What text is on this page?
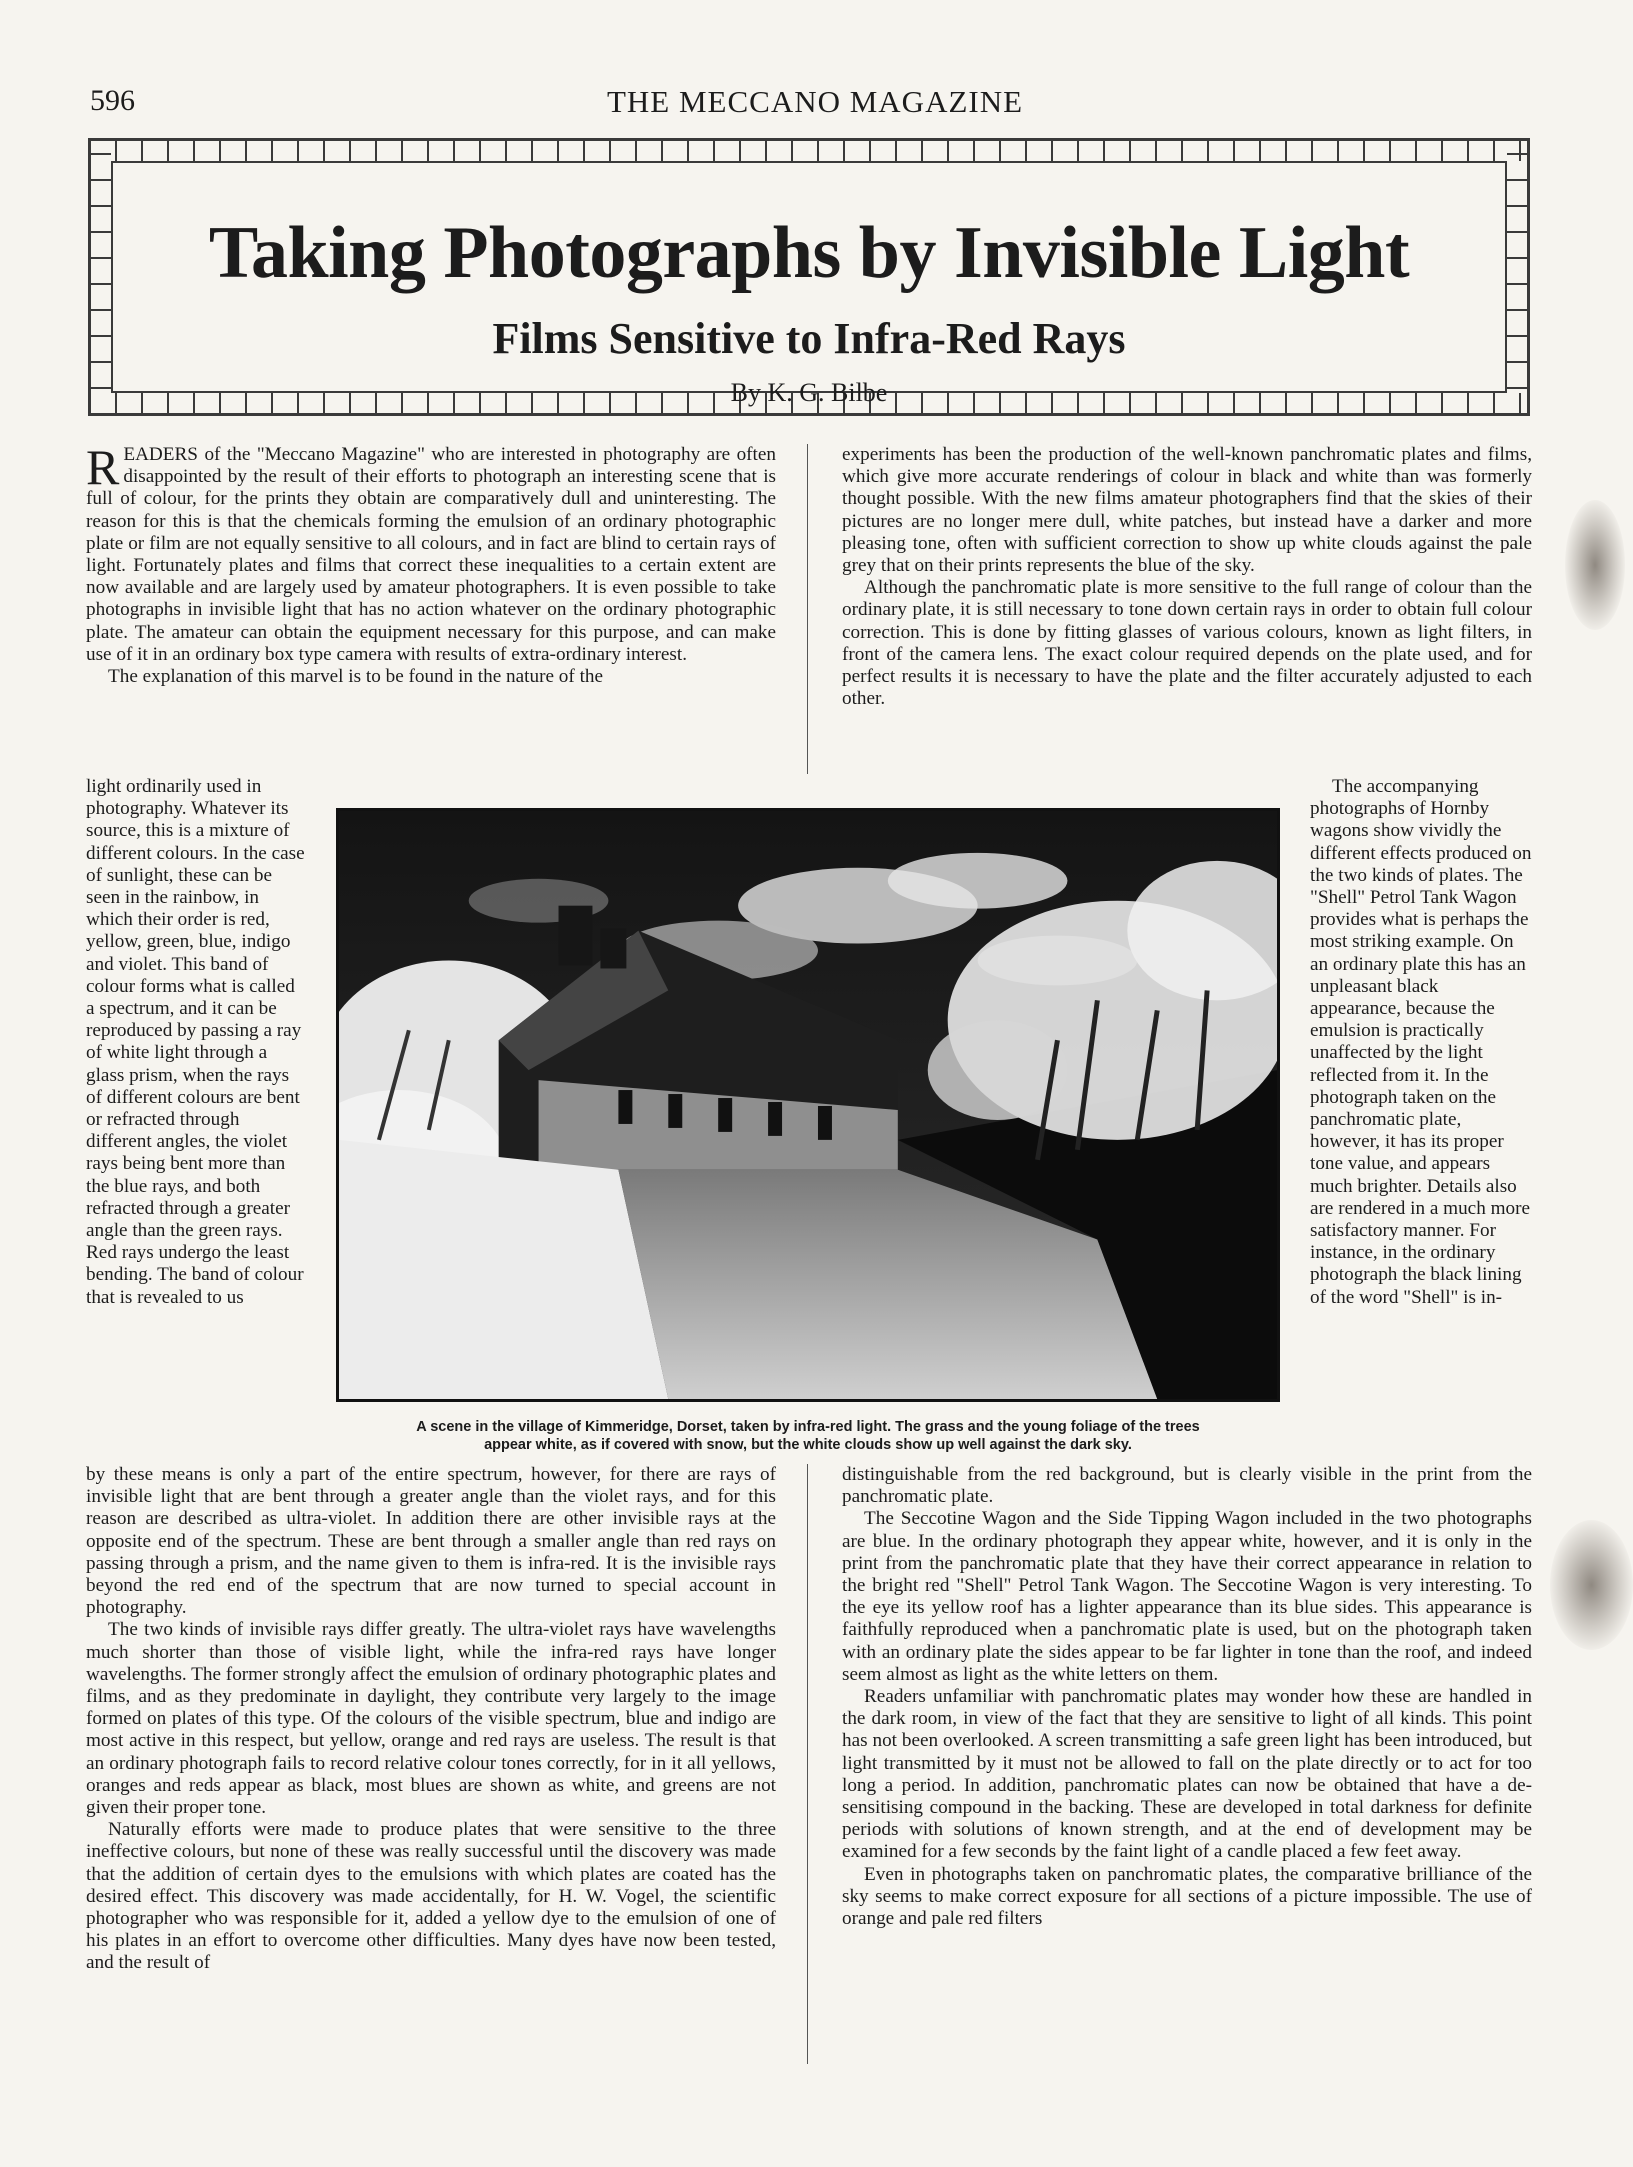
596	THE MECCANO MAGAZINE
Taking Photographs by Invisible Light
Films Sensitive to Infra-Red Rays
By K. G. Bilbe

READERS of the "Meccano Magazine" who are interested in photography are often disappointed by the result of their efforts to photograph an interesting scene that is full of colour, for the prints they obtain are comparatively dull and uninteresting. The reason for this is that the chemicals forming the emulsion of an ordinary photographic plate or film are not equally sensitive to all colours, and in fact are blind to certain rays of light. Fortunately plates and films that correct these inequalities to a certain extent are now available and are largely used by amateur photographers. It is even possible to take photographs in invisible light that has no action whatever on the ordinary photographic plate. The amateur can obtain the equipment necessary for this purpose, and can make use of it in an ordinary box type camera with results of extra-ordinary interest.

The explanation of this marvel is to be found in the nature of the

experiments has been the production of the well-known panchromatic plates and films, which give more accurate renderings of colour in black and white than was formerly thought possible. With the new films amateur photographers find that the skies of their pictures are no longer mere dull, white patches, but instead have a darker and more pleasing tone, often with sufficient correction to show up white clouds against the pale grey that on their prints represents the blue of the sky.

Although the panchromatic plate is more sensitive to the full range of colour than the ordinary plate, it is still necessary to tone down certain rays in order to obtain full colour correction. This is done by fitting glasses of various colours, known as light filters, in front of the camera lens. The exact colour required depends on the plate used, and for perfect results it is necessary to have the plate and the filter accurately adjusted to each other.

light ordinarily used in photography. Whatever its source, this is a mixture of different colours. In the case of sunlight, these can be seen in the rainbow, in which their order is red, yellow, green, blue, indigo and violet. This band of colour forms what is called a spectrum, and it can be reproduced by passing a ray of white light through a glass prism, when the rays of different colours are bent or refracted through different angles, the violet rays being bent more than the blue rays, and both refracted through a greater angle than the green rays. Red rays undergo the least bending. The band of colour that is revealed to us

A scene in the village of Kimmeridge, Dorset, taken by infra-red light. The grass and the young foliage of the trees
appear white, as if covered with snow, but the white clouds show up well against the dark sky.

The accompanying photographs of Hornby wagons show vividly the different effects produced on the two kinds of plates. The "Shell" Petrol Tank Wagon provides what is perhaps the most striking example. On an ordinary plate this has an unpleasant black appearance, because the emulsion is practically unaffected by the light reflected from it. In the photograph taken on the panchromatic plate, however, it has its proper tone value, and appears much brighter. Details also are rendered in a much more satisfactory manner. For instance, in the ordinary photograph the black lining of the word "Shell" is in-

by these means is only a part of the entire spectrum, however, for there are rays of invisible light that are bent through a greater angle than the violet rays, and for this reason are described as ultra-violet. In addition there are other invisible rays at the opposite end of the spectrum. These are bent through a smaller angle than red rays on passing through a prism, and the name given to them is infra-red. It is the invisible rays beyond the red end of the spectrum that are now turned to special account in photography.

The two kinds of invisible rays differ greatly. The ultra-violet rays have wavelengths much shorter than those of visible light, while the infra-red rays have longer wavelengths. The former strongly affect the emulsion of ordinary photographic plates and films, and as they predominate in daylight, they contribute very largely to the image formed on plates of this type. Of the colours of the visible spectrum, blue and indigo are most active in this respect, but yellow, orange and red rays are useless. The result is that an ordinary photograph fails to record relative colour tones correctly, for in it all yellows, oranges and reds appear as black, most blues are shown as white, and greens are not given their proper tone.

Naturally efforts were made to produce plates that were sensitive to the three ineffective colours, but none of these was really successful until the discovery was made that the addition of certain dyes to the emulsions with which plates are coated has the desired effect. This discovery was made accidentally, for H. W. Vogel, the scientific photographer who was responsible for it, added a yellow dye to the emulsion of one of his plates in an effort to overcome other difficulties. Many dyes have now been tested, and the result of

distinguishable from the red background, but is clearly visible in the print from the panchromatic plate.

The Seccotine Wagon and the Side Tipping Wagon included in the two photographs are blue. In the ordinary photograph they appear white, however, and it is only in the print from the panchromatic plate that they have their correct appearance in relation to the bright red "Shell" Petrol Tank Wagon. The Seccotine Wagon is very interesting. To the eye its yellow roof has a lighter appearance than its blue sides. This appearance is faithfully reproduced when a panchromatic plate is used, but on the photograph taken with an ordinary plate the sides appear to be far lighter in tone than the roof, and indeed seem almost as light as the white letters on them.

Readers unfamiliar with panchromatic plates may wonder how these are handled in the dark room, in view of the fact that they are sensitive to light of all kinds. This point has not been overlooked. A screen transmitting a safe green light has been introduced, but light transmitted by it must not be allowed to fall on the plate directly or to act for too long a period. In addition, panchromatic plates can now be obtained that have a de-sensitising compound in the backing. These are developed in total darkness for definite periods with solutions of known strength, and at the end of development may be examined for a few seconds by the faint light of a candle placed a few feet away.

Even in photographs taken on panchromatic plates, the comparative brilliance of the sky seems to make correct exposure for all sections of a picture impossible. The use of orange and pale red filters
